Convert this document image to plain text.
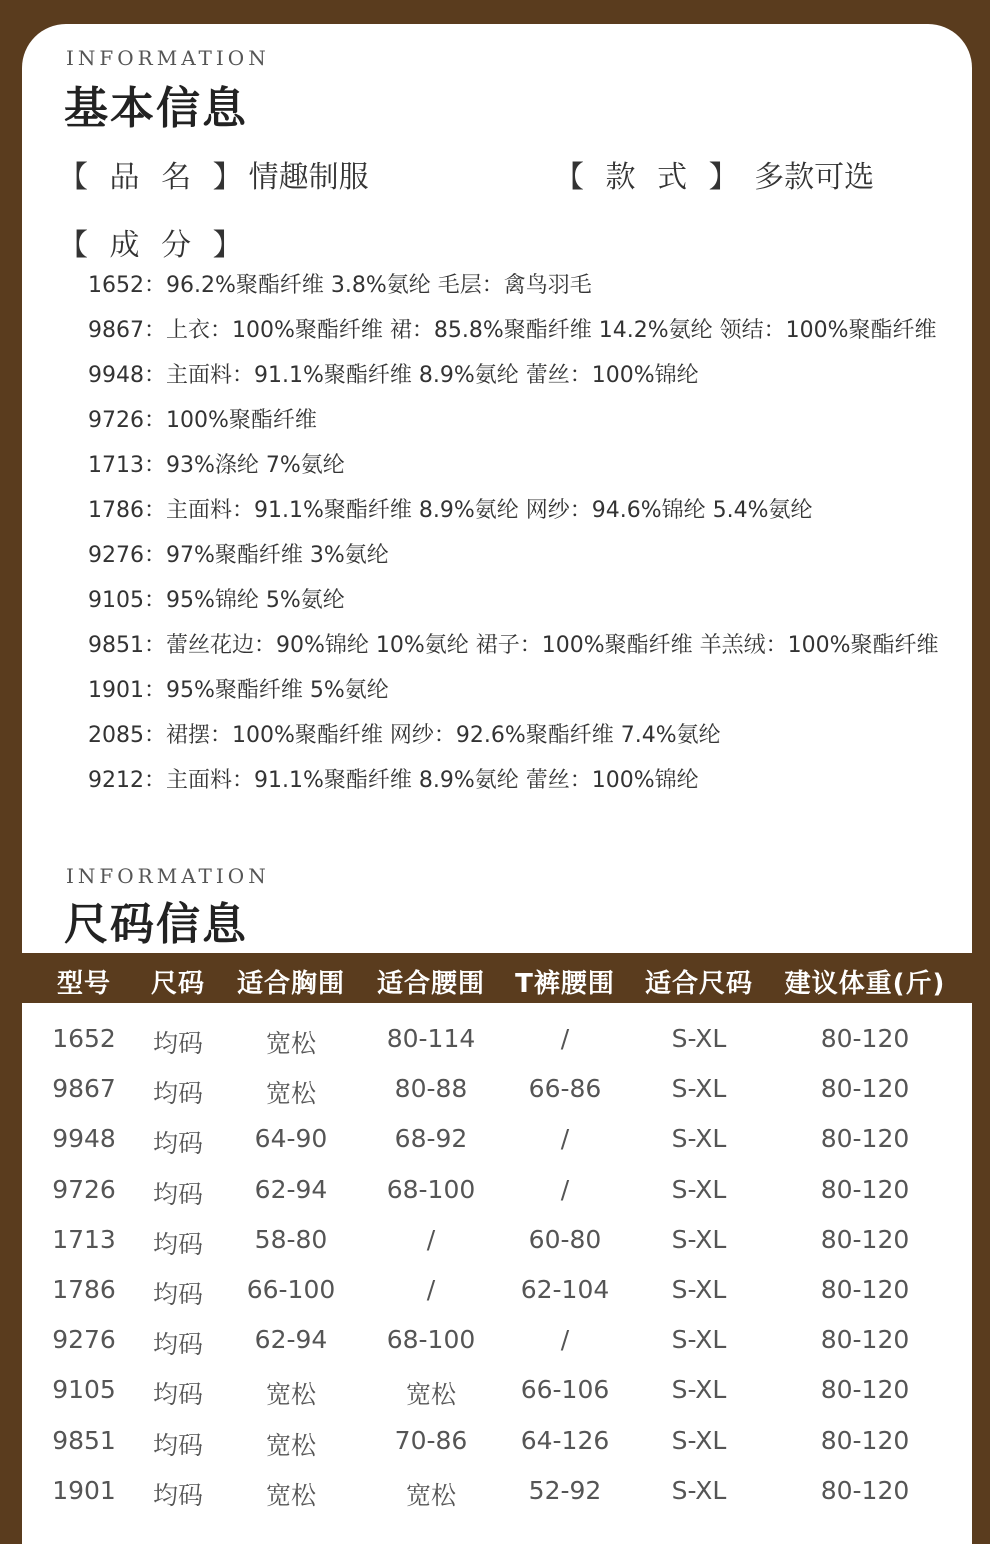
INFORMATION
基本信息
【 品 名 】情趣制服	【 款 式 】 多款可选
【 成 分 】
1652：96.2%聚酯纤维 3.8%氨纶 毛层：禽鸟羽毛
9867：上衣：100%聚酯纤维 裙：85.8%聚酯纤维 14.2%氨纶 领结：100%聚酯纤维
9948：主面料：91.1%聚酯纤维 8.9%氨纶 蕾丝：100%锦纶
9726：100%聚酯纤维
1713：93%涤纶 7%氨纶
1786：主面料：91.1%聚酯纤维 8.9%氨纶 网纱：94.6%锦纶 5.4%氨纶
9276：97%聚酯纤维 3%氨纶
9105：95%锦纶 5%氨纶
9851：蕾丝花边：90%锦纶 10%氨纶 裙子：100%聚酯纤维 羊羔绒：100%聚酯纤维
1901：95%聚酯纤维 5%氨纶
2085：裙摆：100%聚酯纤维 网纱：92.6%聚酯纤维 7.4%氨纶
9212：主面料：91.1%聚酯纤维 8.9%氨纶 蕾丝：100%锦纶
INFORMATION
尺码信息
型号 尺码 适合胸围 适合腰围 T裤腰围 适合尺码 建议体重(斤)
1652 均码	宽松	80-114	/	S-XL	80-120
9867 均码	宽松	80-88 66-86	S-XL	80-120
9948 均码 64-90	68-92	/	S-XL	80-120
9726 均码 62-94 68-100	/	S-XL	80-120
1713 均码 58-80	/	60-80	S-XL	80-120
1786 均码 66-100	/	62-104 S-XL	80-120
9276 均码 62-94 68-100	/	S-XL	80-120
9105 均码	宽松	宽松	66-106 S-XL	80-120
9851 均码	宽松	70-86 64-126 S-XL	80-120
1901 均码	宽松	宽松	52-92	S-XL	80-120
